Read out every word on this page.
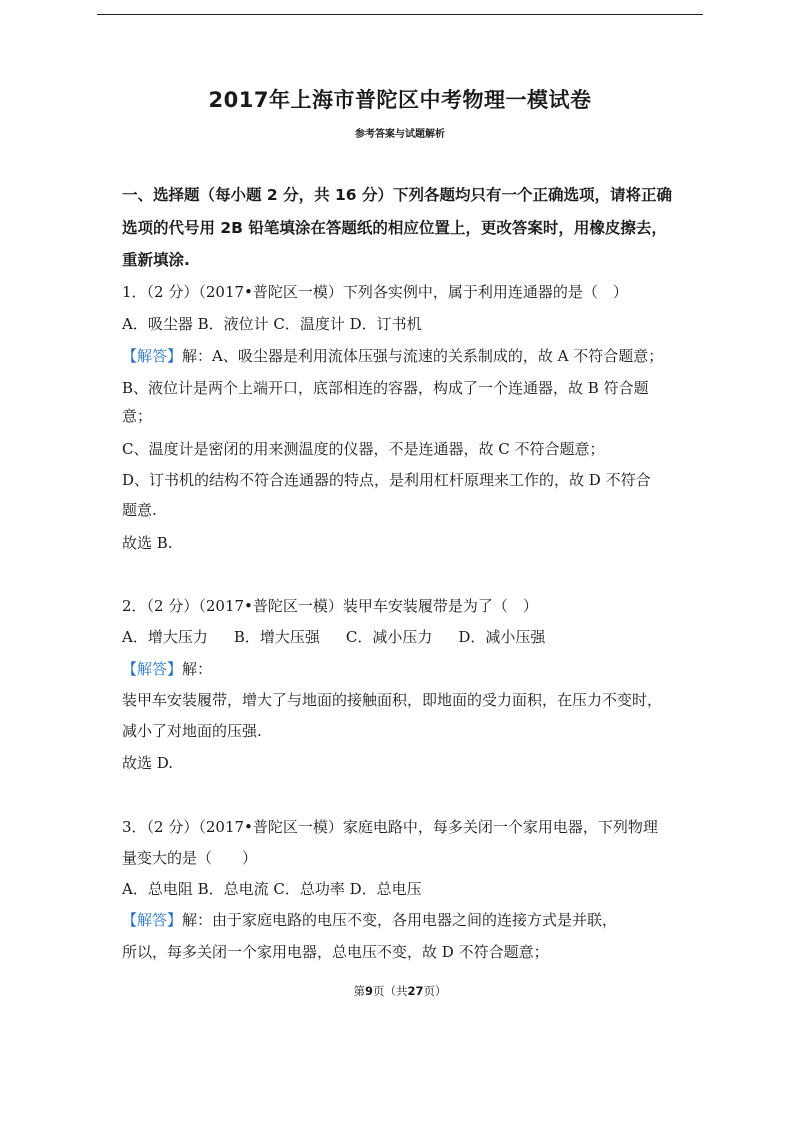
2017年上海市普陀区中考物理一模试卷
参考答案与试题解析
一、选择题（每小题 2 分，共 16 分）下列各题均只有一个正确选项，请将正确
选项的代号用 2B 铅笔填涂在答题纸的相应位置上，更改答案时，用橡皮擦去，
重新填涂.
1．（2 分）（2017•普陀区一模）下列各实例中，属于利用连通器的是（　）
A．吸尘器 B．液位计 C．温度计 D．订书机
【解答】解：A、吸尘器是利用流体压强与流速的关系制成的，故 A 不符合题意；
B、液位计是两个上端开口，底部相连的容器，构成了一个连通器，故 B 符合题
意；
C、温度计是密闭的用来测温度的仪器，不是连通器，故 C 不符合题意；
D、订书机的结构不符合连通器的特点，是利用杠杆原理来工作的，故 D 不符合
题意.
故选 B.
2．（2 分）（2017•普陀区一模）装甲车安装履带是为了（　）
A．增大压力 B．增大压强 C．减小压力 D．减小压强
【解答】解：
装甲车安装履带，增大了与地面的接触面积，即地面的受力面积，在压力不变时，
减小了对地面的压强.
故选 D.
3．（2 分）（2017•普陀区一模）家庭电路中，每多关闭一个家用电器，下列物理
量变大的是（　　）
A．总电阻 B．总电流 C．总功率 D．总电压
【解答】解：由于家庭电路的电压不变，各用电器之间的连接方式是并联，
所以，每多关闭一个家用电器，总电压不变，故 D 不符合题意；
第9页（共27页）
